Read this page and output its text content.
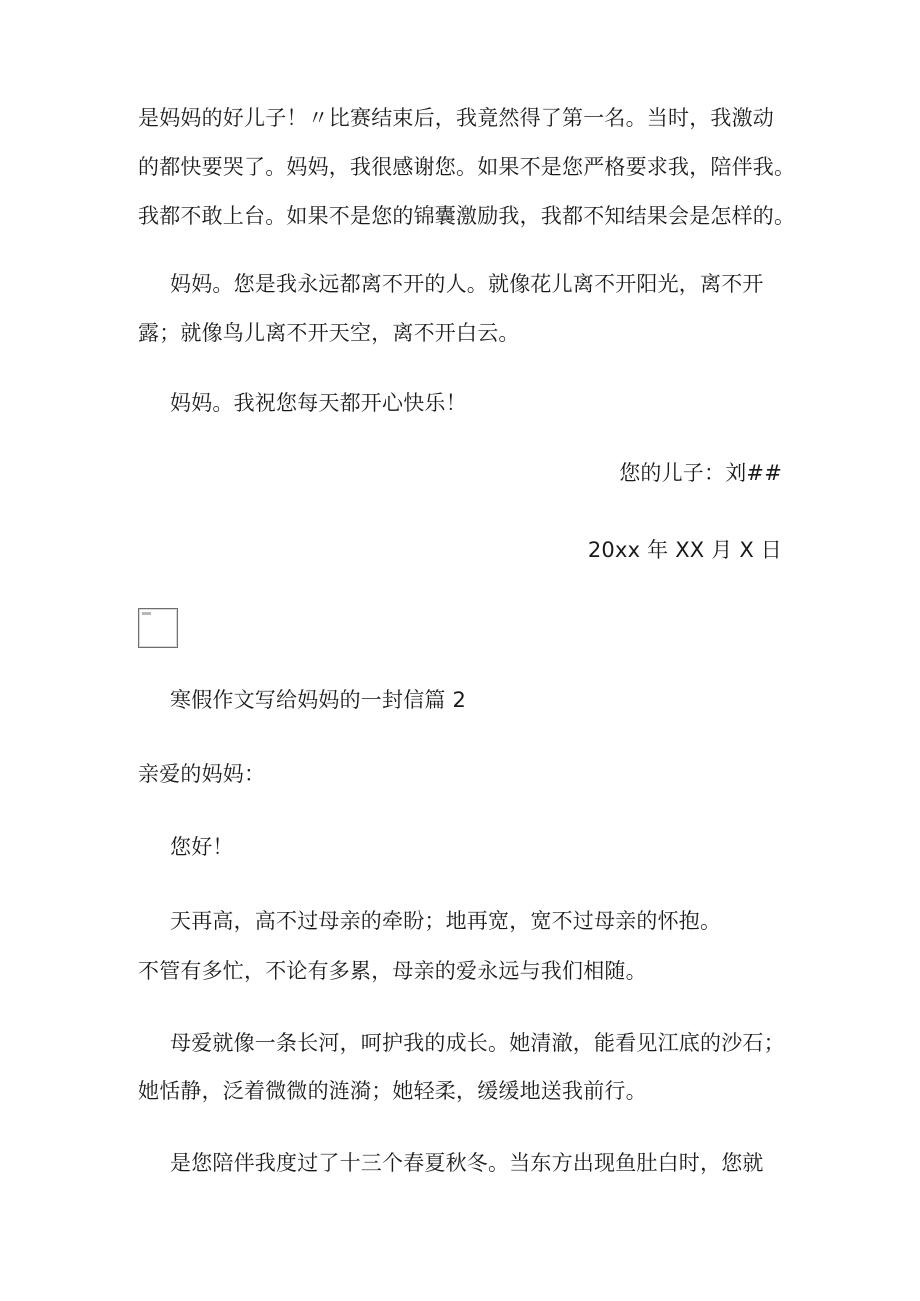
是妈妈的好儿子！〃比赛结束后，我竟然得了第一名。当时，我激动
的都快要哭了。妈妈，我很感谢您。如果不是您严格要求我，陪伴我。
我都不敢上台。如果不是您的锦囊激励我，我都不知结果会是怎样的。
妈妈。您是我永远都离不开的人。就像花儿离不开阳光，离不开
露；就像鸟儿离不开天空，离不开白云。
妈妈。我祝您每天都开心快乐！
您的儿子：刘##
20xx 年 XX 月 X 日
寒假作文写给妈妈的一封信篇 2
亲爱的妈妈：
您好！
天再高，高不过母亲的牵盼；地再宽，宽不过母亲的怀抱。
不管有多忙，不论有多累，母亲的爱永远与我们相随。
母爱就像一条长河，呵护我的成长。她清澈，能看见江底的沙石；
她恬静，泛着微微的涟漪；她轻柔，缓缓地送我前行。
是您陪伴我度过了十三个春夏秋冬。当东方出现鱼肚白时，您就
